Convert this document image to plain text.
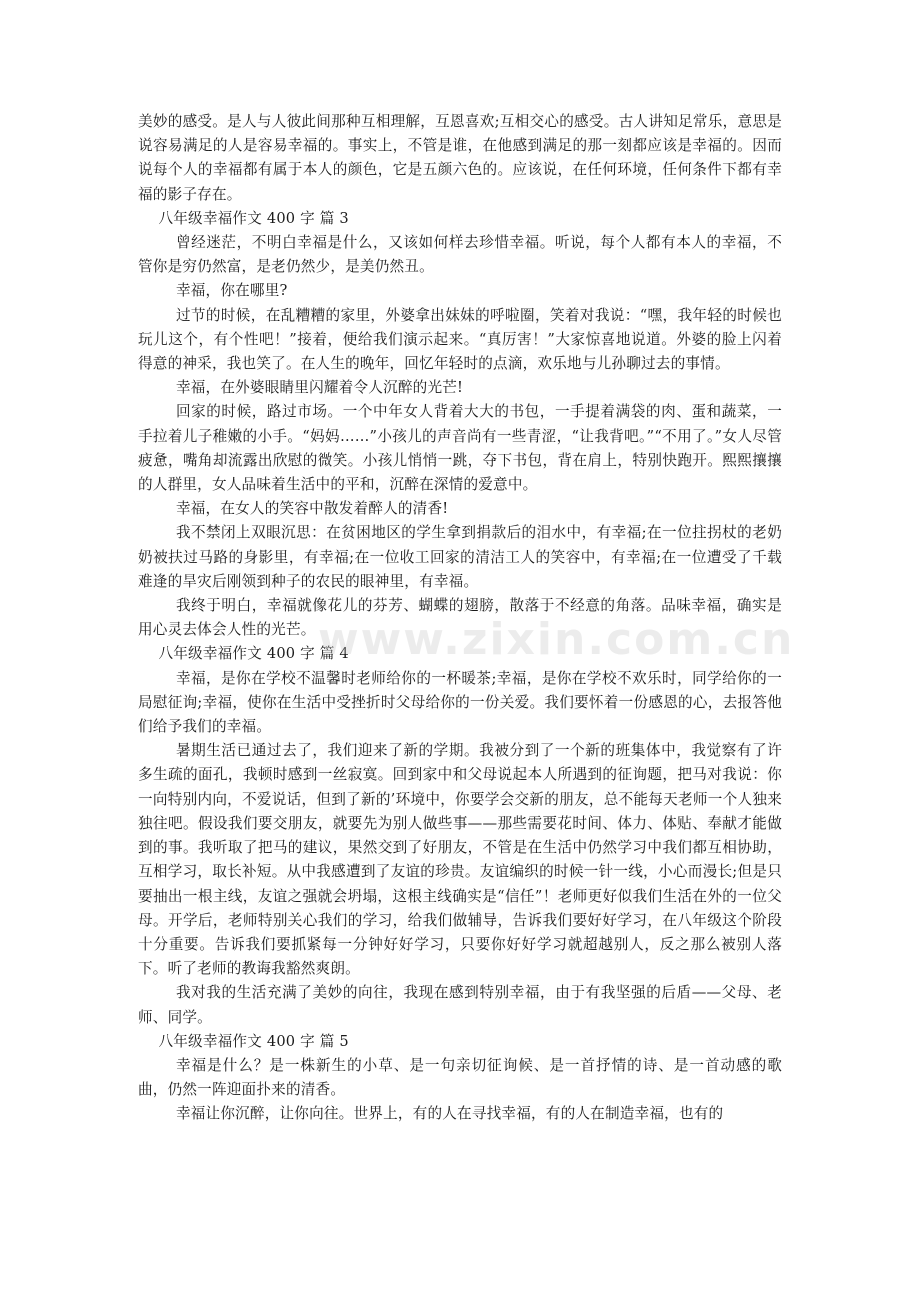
美妙的感受。是人与人彼此间那种互相理解，互恩喜欢;互相交心的感受。古人讲知足常乐，意思是说容易满足的人是容易幸福的。事实上，不管是谁，在他感到满足的那一刻都应该是幸福的。因而说每个人的幸福都有属于本人的颜色，它是五颜六色的。应该说，在任何环境，任何条件下都有幸福的影子存在。

八年级幸福作文 400 字 篇 3

曾经迷茫，不明白幸福是什么，又该如何样去珍惜幸福。听说，每个人都有本人的幸福，不管你是穷仍然富，是老仍然少，是美仍然丑。

幸福，你在哪里?

过节的时候，在乱糟糟的家里，外婆拿出妹妹的呼啦圈，笑着对我说：“嘿，我年轻的时候也玩儿这个，有个性吧！”接着，便给我们演示起来。“真厉害！”大家惊喜地说道。外婆的脸上闪着得意的神采，我也笑了。在人生的晚年，回忆年轻时的点滴，欢乐地与儿孙聊过去的事情。

幸福，在外婆眼睛里闪耀着令人沉醉的光芒!

回家的时候，路过市场。一个中年女人背着大大的书包，一手提着满袋的肉、蛋和蔬菜，一手拉着儿子稚嫩的小手。“妈妈……”小孩儿的声音尚有一些青涩，“让我背吧。”“不用了。”女人尽管疲惫，嘴角却流露出欣慰的微笑。小孩儿悄悄一跳，夺下书包，背在肩上，特别快跑开。熙熙攘攘的人群里，女人品味着生活中的平和，沉醉在深情的爱意中。

幸福，在女人的笑容中散发着醉人的清香!

我不禁闭上双眼沉思：在贫困地区的学生拿到捐款后的泪水中，有幸福;在一位拄拐杖的老奶奶被扶过马路的身影里，有幸福;在一位收工回家的清洁工人的笑容中，有幸福;在一位遭受了千载难逢的旱灾后刚领到种子的农民的眼神里，有幸福。

我终于明白，幸福就像花儿的芬芳、蝴蝶的翅膀，散落于不经意的角落。品味幸福，确实是用心灵去体会人性的光芒。

八年级幸福作文 400 字 篇 4

幸福，是你在学校不温馨时老师给你的一杯暖茶;幸福，是你在学校不欢乐时，同学给你的一局慰征询;幸福，使你在生活中受挫折时父母给你的一份关爱。我们要怀着一份感恩的心，去报答他们给予我们的幸福。

暑期生活已通过去了，我们迎来了新的学期。我被分到了一个新的班集体中，我觉察有了许多生疏的面孔，我顿时感到一丝寂寞。回到家中和父母说起本人所遇到的征询题，把马对我说：你一向特别内向，不爱说话，但到了新的’环境中，你要学会交新的朋友，总不能每天老师一个人独来独往吧。假设我们要交朋友，就要先为别人做些事——那些需要花时间、体力、体贴、奉献才能做到的事。我听取了把马的建议，果然交到了好朋友，不管是在生活中仍然学习中我们都互相协助，互相学习，取长补短。从中我感遭到了友谊的珍贵。友谊编织的时候一针一线，小心而漫长;但是只要抽出一根主线，友谊之强就会坍塌，这根主线确实是“信任”！老师更好似我们生活在外的一位父母。开学后，老师特别关心我们的学习，给我们做辅导，告诉我们要好好学习，在八年级这个阶段十分重要。告诉我们要抓紧每一分钟好好学习，只要你好好学习就超越别人，反之那么被别人落下。听了老师的教诲我豁然爽朗。

我对我的生活充满了美妙的向往，我现在感到特别幸福，由于有我坚强的后盾——父母、老师、同学。

八年级幸福作文 400 字 篇 5

幸福是什么？是一株新生的小草、是一句亲切征询候、是一首抒情的诗、是一首动感的歌曲，仍然一阵迎面扑来的清香。

幸福让你沉醉，让你向往。世界上，有的人在寻找幸福，有的人在制造幸福，也有的

www.zixin.com.cn
